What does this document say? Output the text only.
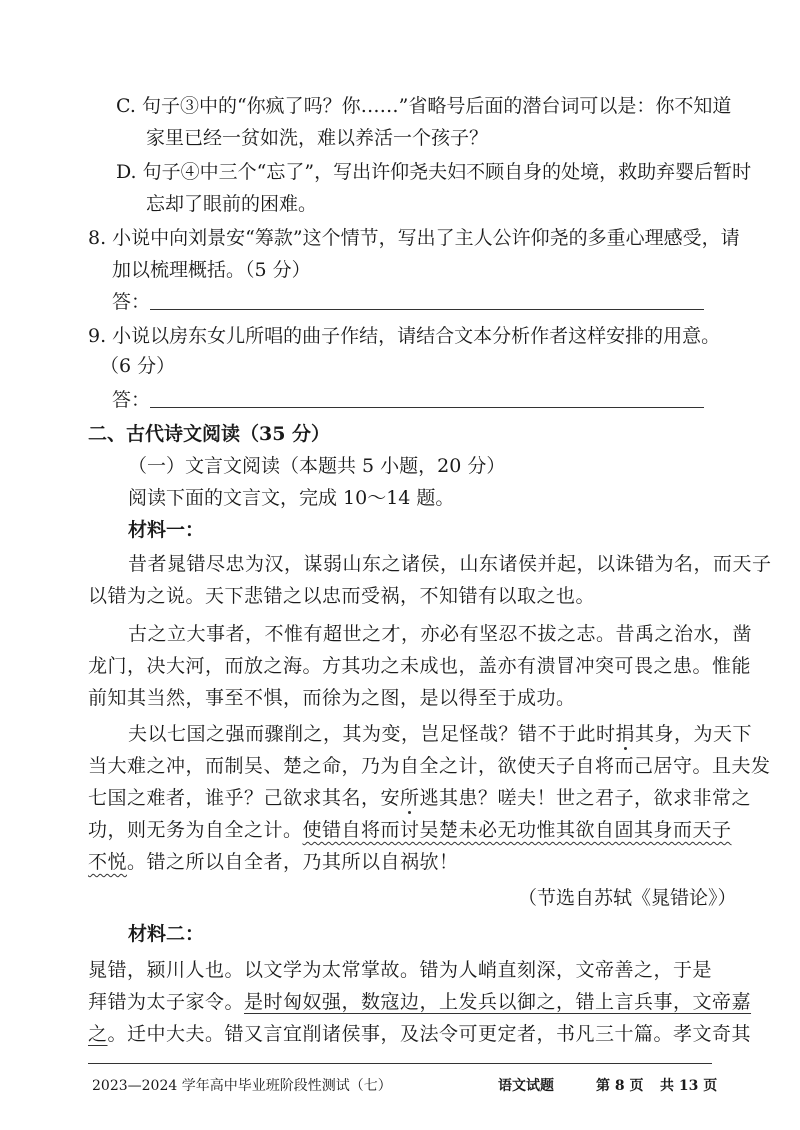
C. 句子③中的“你疯了吗？你……”省略号后面的潜台词可以是：你不知道
家里已经一贫如洗，难以养活一个孩子？
D. 句子④中三个“忘了”，写出许仰尧夫妇不顾自身的处境，救助弃婴后暂时
忘却了眼前的困难。
8. 小说中向刘景安“筹款”这个情节，写出了主人公许仰尧的多重心理感受，请
加以梳理概括。（5 分）
答：
9. 小说以房东女儿所唱的曲子作结，请结合文本分析作者这样安排的用意。
（6 分）
答：
二、古代诗文阅读（35 分）
（一）文言文阅读（本题共 5 小题，20 分）
阅读下面的文言文，完成 10～14 题。
材料一：
昔者晁错尽忠为汉，谋弱山东之诸侯，山东诸侯并起，以诛错为名，而天子
以错为之说。天下悲错之以忠而受祸，不知错有以取之也。
古之立大事者，不惟有超世之才，亦必有坚忍不拔之志。昔禹之治水，凿
龙门，决大河，而放之海。方其功之未成也，盖亦有溃冒冲突可畏之患。惟能
前知其当然，事至不惧，而徐为之图，是以得至于成功。
夫以七国之强而骤削之，其为变，岂足怪哉？错不于此时捐其身，为天下
当大难之冲，而制吴、楚之命，乃为自全之计，欲使天子自将而己居守。且夫发
七国之难者，谁乎？己欲求其名，安所逃其患？嗟夫！世之君子，欲求非常之
功，则无务为自全之计。使错自将而讨吴楚未必无功惟其欲自固其身而天子
不悦。错之所以自全者，乃其所以自祸欤！
（节选自苏轼《晁错论》）
材料二：
晁错，颍川人也。以文学为太常掌故。错为人峭直刻深，文帝善之，于是
拜错为太子家令。是时匈奴强，数寇边，上发兵以御之，错上言兵事，文帝嘉
之。迁中大夫。错又言宜削诸侯事，及法令可更定者，书凡三十篇。孝文奇其
2023—2024 学年高中毕业班阶段性测试（七）	语文试题	第 8 页 共 13 页
